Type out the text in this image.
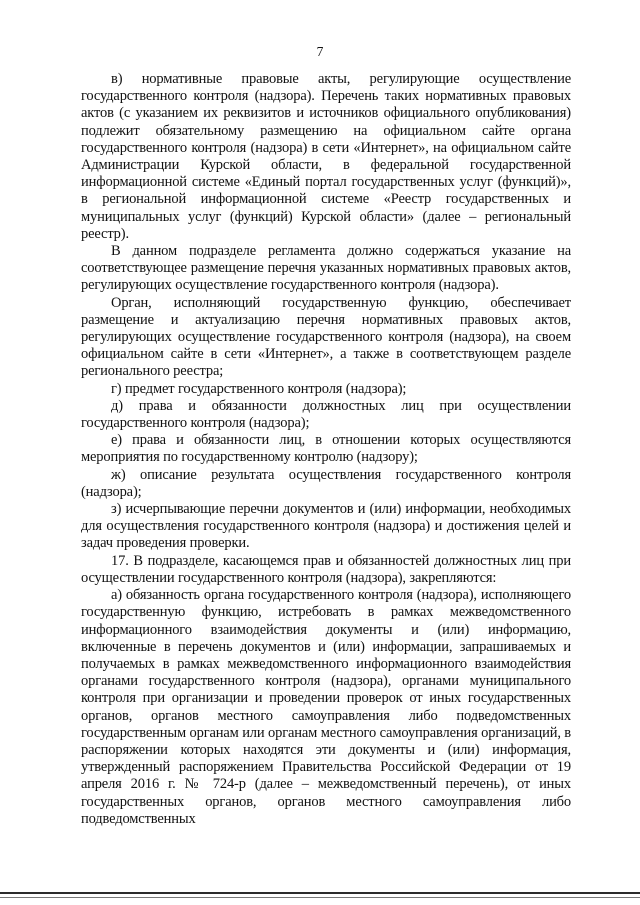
7

в) нормативные правовые акты, регулирующие осуществление государственного контроля (надзора). Перечень таких нормативных правовых актов (с указанием их реквизитов и источников официального опубликования) подлежит обязательному размещению на официальном сайте органа государственного контроля (надзора) в сети «Интернет», на официальном сайте Администрации Курской области, в федеральной государственной информационной системе «Единый портал государственных услуг (функций)», в региональной информационной системе «Реестр государственных и муниципальных услуг (функций) Курской области» (далее – региональный реестр).

В данном подразделе регламента должно содержаться указание на соответствующее размещение перечня указанных нормативных правовых актов, регулирующих осуществление государственного контроля (надзора).

Орган, исполняющий государственную функцию, обеспечивает размещение и актуализацию перечня нормативных правовых актов, регулирующих осуществление государственного контроля (надзора), на своем официальном сайте в сети «Интернет», а также в соответствующем разделе регионального реестра;

г) предмет государственного контроля (надзора);

д) права и обязанности должностных лиц при осуществлении государственного контроля (надзора);

е) права и обязанности лиц, в отношении которых осуществляются мероприятия по государственному контролю (надзору);

ж) описание результата осуществления государственного контроля (надзора);

з) исчерпывающие перечни документов и (или) информации, необходимых для осуществления государственного контроля (надзора) и достижения целей и задач проведения проверки.

17. В подразделе, касающемся прав и обязанностей должностных лиц при осуществлении государственного контроля (надзора), закрепляются:

а) обязанность органа государственного контроля (надзора), исполняющего государственную функцию, истребовать в рамках межведомственного информационного взаимодействия документы и (или) информацию, включенные в перечень документов и (или) информации, запрашиваемых и получаемых в рамках межведомственного информационного взаимодействия органами государственного контроля (надзора), органами муниципального контроля при организации и проведении проверок от иных государственных органов, органов местного самоуправления либо подведомственных государственным органам или органам местного самоуправления организаций, в распоряжении которых находятся эти документы и (или) информация, утвержденный распоряжением Правительства Российской Федерации от 19 апреля 2016 г. № 724-р (далее – межведомственный перечень), от иных государственных органов, органов местного самоуправления либо подведомственных
